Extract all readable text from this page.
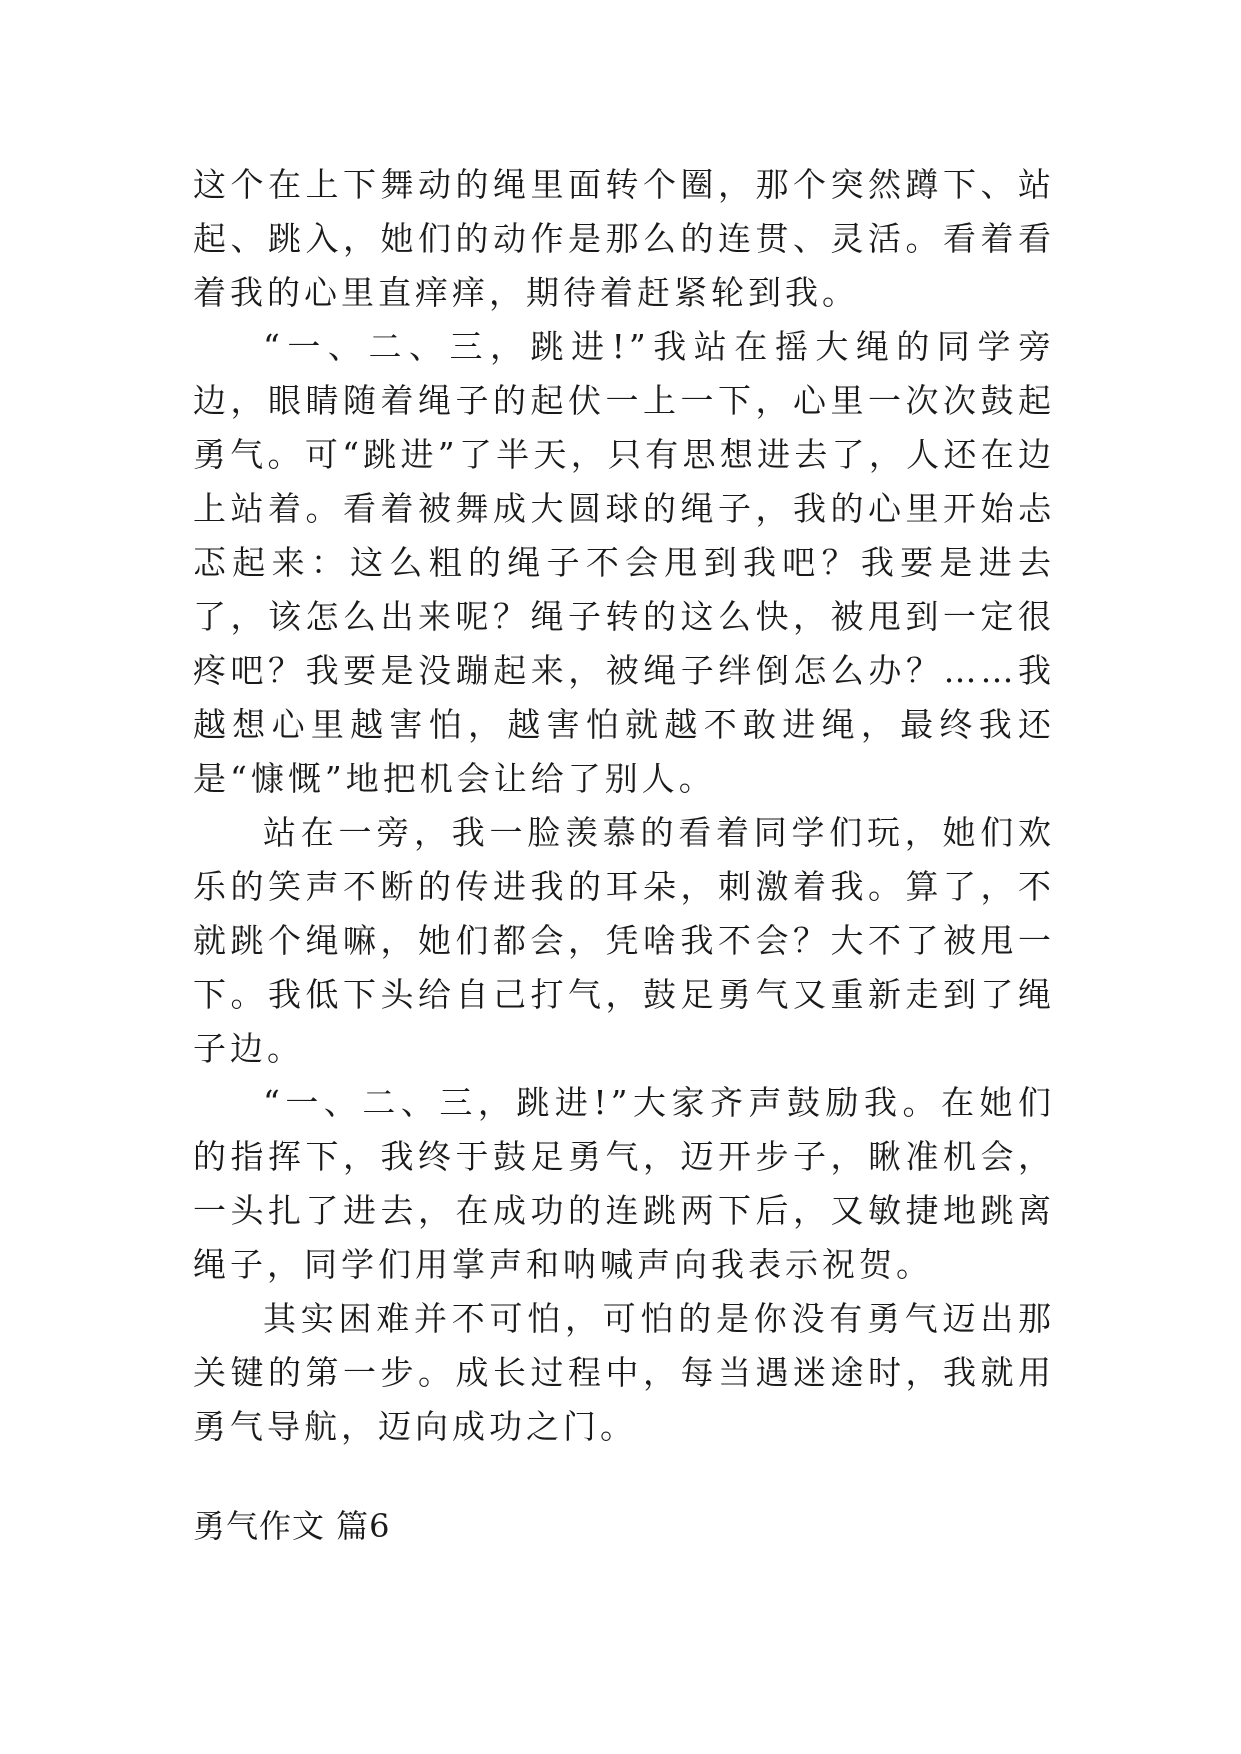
这个在上下舞动的绳里面转个圈，那个突然蹲下、站起、跳入，她们的动作是那么的连贯、灵活。看着看着我的心里直痒痒，期待着赶紧轮到我。

“一、二、三，跳进!”我站在摇大绳的同学旁边，眼睛随着绳子的起伏一上一下，心里一次次鼓起勇气。可“跳进”了半天，只有思想进去了，人还在边上站着。看着被舞成大圆球的绳子，我的心里开始忐忑起来：这么粗的绳子不会甩到我吧？我要是进去了，该怎么出来呢？绳子转的这么快，被甩到一定很疼吧？我要是没蹦起来，被绳子绊倒怎么办？……我越想心里越害怕，越害怕就越不敢进绳，最终我还是“慷慨”地把机会让给了别人。

站在一旁，我一脸羡慕的看着同学们玩，她们欢乐的笑声不断的传进我的耳朵，刺激着我。算了，不就跳个绳嘛，她们都会，凭啥我不会？大不了被甩一下。我低下头给自己打气，鼓足勇气又重新走到了绳子边。

“一、二、三，跳进!”大家齐声鼓励我。在她们的指挥下，我终于鼓足勇气，迈开步子，瞅准机会，一头扎了进去，在成功的连跳两下后，又敏捷地跳离绳子，同学们用掌声和呐喊声向我表示祝贺。

其实困难并不可怕，可怕的是你没有勇气迈出那关键的第一步。成长过程中，每当遇迷途时，我就用勇气导航，迈向成功之门。

勇气作文 篇6
